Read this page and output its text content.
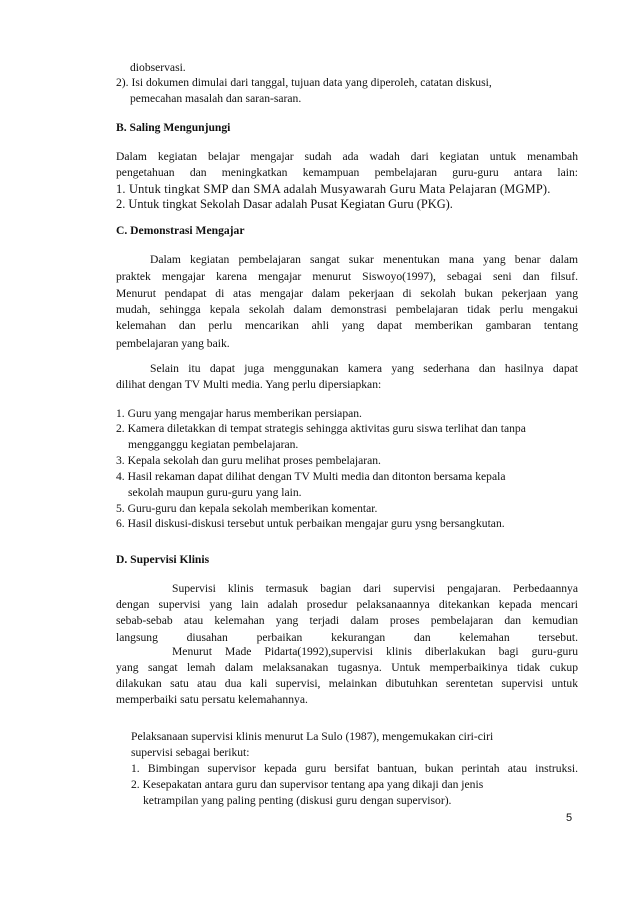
diobservasi.
2). Isi dokumen dimulai dari tanggal, tujuan data yang diperoleh, catatan diskusi,
pemecahan masalah dan saran-saran.
B. Saling Mengunjungi
Dalam kegiatan belajar mengajar sudah ada wadah dari kegiatan untuk menambah
pengetahuan dan meningkatkan kemampuan pembelajaran guru-guru antara lain:
1. Untuk tingkat SMP dan SMA adalah Musyawarah Guru Mata Pelajaran (MGMP).
2. Untuk tingkat Sekolah Dasar adalah Pusat Kegiatan Guru (PKG).
C. Demonstrasi Mengajar
Dalam kegiatan pembelajaran sangat sukar menentukan mana yang benar dalam
praktek mengajar karena mengajar menurut Siswoyo(1997), sebagai seni dan filsuf.
Menurut pendapat di atas mengajar dalam pekerjaan di sekolah bukan pekerjaan yang
mudah, sehingga kepala sekolah dalam demonstrasi pembelajaran tidak perlu mengakui
kelemahan dan perlu mencarikan ahli yang dapat memberikan gambaran tentang
pembelajaran yang baik.
Selain itu dapat juga menggunakan kamera yang sederhana dan hasilnya dapat
dilihat dengan TV Multi media. Yang perlu dipersiapkan:
1. Guru yang mengajar harus memberikan persiapan.
2. Kamera diletakkan di tempat strategis sehingga aktivitas guru siswa terlihat dan tanpa
mengganggu kegiatan pembelajaran.
3. Kepala sekolah dan guru melihat proses pembelajaran.
4. Hasil rekaman dapat dilihat dengan TV Multi media dan ditonton bersama kepala
sekolah maupun guru-guru yang lain.
5. Guru-guru dan kepala sekolah memberikan komentar.
6. Hasil diskusi-diskusi tersebut untuk perbaikan mengajar guru ysng bersangkutan.
D. Supervisi Klinis
Supervisi klinis termasuk bagian dari supervisi pengajaran. Perbedaannya
dengan supervisi yang lain adalah prosedur pelaksanaannya ditekankan kepada mencari
sebab-sebab atau kelemahan yang terjadi dalam proses pembelajaran dan kemudian
langsung diusahan perbaikan kekurangan dan kelemahan tersebut.
Menurut Made Pidarta(1992),supervisi klinis diberlakukan bagi guru-guru
yang sangat lemah dalam melaksanakan tugasnya. Untuk memperbaikinya tidak cukup
dilakukan satu atau dua kali supervisi, melainkan dibutuhkan serentetan supervisi untuk
memperbaiki satu persatu kelemahannya.
Pelaksanaan supervisi klinis menurut La Sulo (1987), mengemukakan ciri-ciri
supervisi sebagai berikut:
1. Bimbingan supervisor kepada guru bersifat bantuan, bukan perintah atau instruksi.
2. Kesepakatan antara guru dan supervisor tentang apa yang dikaji dan jenis
ketrampilan yang paling penting (diskusi guru dengan supervisor).
5
